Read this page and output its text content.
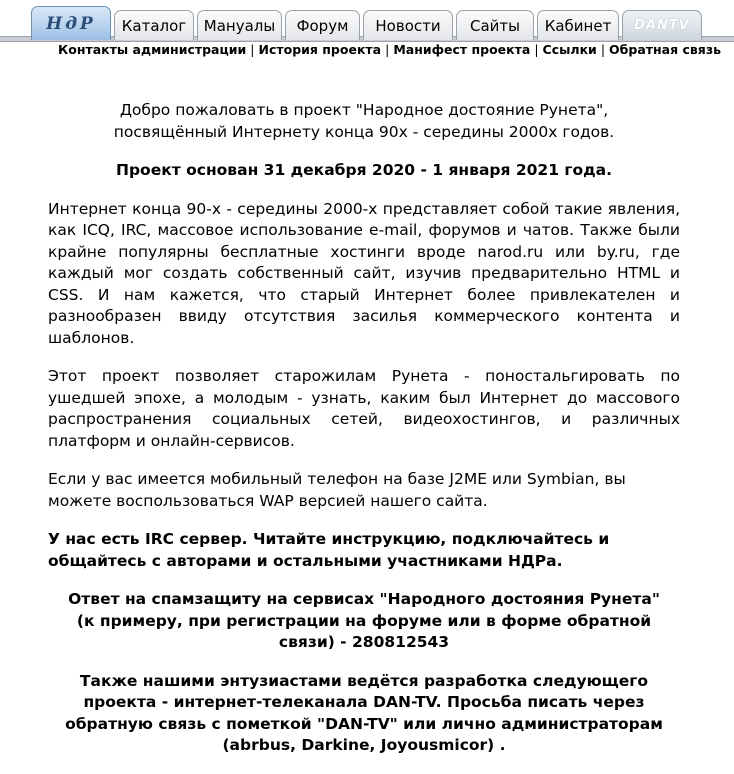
НдР	Каталог	Мануалы	Форум	Новости	Сайты	Кабинет	DANTV
Контакты администрации | История проекта | Манифест проекта | Ссылки | Обратная связь

Добро пожаловать в проект "Народное достояние Рунета", посвящённый Интернету конца 90х - середины 2000х годов.

Проект основан 31 декабря 2020 - 1 января 2021 года.

Интернет конца 90-х - середины 2000-х представляет собой такие явления, как ICQ, IRC, массовое использование e-mail, форумов и чатов. Также были крайне популярны бесплатные хостинги вроде narod.ru или by.ru, где каждый мог создать собственный сайт, изучив предварительно HTML и CSS. И нам кажется, что старый Интернет более привлекателен и разнообразен ввиду отсутствия засилья коммерческого контента и шаблонов.

Этот проект позволяет старожилам Рунета - поностальгировать по ушедшей эпохе, а молодым - узнать, каким был Интернет до массового распространения социальных сетей, видеохостингов, и различных платформ и онлайн-сервисов.

Если у вас имеется мобильный телефон на базе J2ME или Symbian, вы можете воспользоваться WAP версией нашего сайта.

У нас есть IRC сервер. Читайте инструкцию, подключайтесь и общайтесь с авторами и остальными участниками НДРа.

Ответ на спамзащиту на сервисах "Народного достояния Рунета" (к примеру, при регистрации на форуме или в форме обратной связи) - 280812543

Также нашими энтузиастами ведётся разработка следующего проекта - интернет-телеканала DAN-TV. Просьба писать через обратную связь с пометкой "DAN-TV" или лично администраторам (abrbus, Darkine, Joyousmicor) .
